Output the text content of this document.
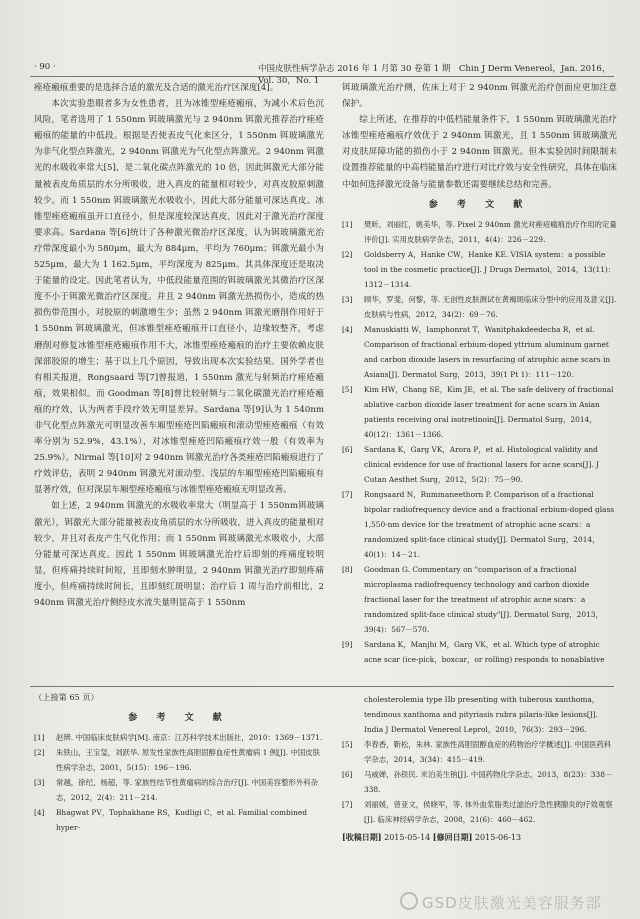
· 90 ·	中国皮肤性病学杂志 2016 年 1 月第 30 卷第 1 期　Chin J Derm Venereol，Jan. 2016，Vol. 30，No. 1

痤疮瘢痕重要的是选择合适的激光及合适的激光治疗区深度[4]。

本次实验患眼者多为女性患者，且为冰锥型痤疮瘢痕，为减小术后色沉风险，笔者选用了 1 550nm 铒玻璃激光与 2 940nm 铒激光推荐治疗痤疮瘢痕的能量的中低段。根据是否使表皮气化来区分，1 550nm 铒玻璃激光为非气化型点阵激光，2 940nm 铒激光为气化型点阵激光。2 940nm 铒激光的水吸收率常大[5]，是二氧化碳点阵激光的 10 倍，因此铒激光大部分能量被表皮角质层的水分所吸收，进入真皮的能量相对较少，对真皮胶原刺激较少。而 1 550nm 铒玻璃激光水吸收小，因此大部分能量可深达真皮。冰锥型痤疮瘢痕虽开口直径小，但是深度较深达真皮，因此对于激光治疗深度要求高。Sardana 等[6]统计了各种激光微治疗区深度，认为铒玻璃激光治疗带深度最小为 580μm，最大为 884μm，平均为 760μm；铒激光最小为 525μm，最大为 1 162.5μm，平均深度为 825μm。其具体深度还是取决于能量的设定。因此笔者认为，中低段能量范围的铒玻璃激光其微治疗区深度不小于铒激光微治疗区深度。并且 2 940nm 铒激光热损伤小，造成的热损伤带范围小，对胶原的刺激增生少；虽然 2 940nm 铒激光磨削作用好于 1 550nm 铒玻璃激光，但冰锥型痤疮瘢痕开口直径小，边缘较整齐，考虑磨削对修复冰锥型痤疮瘢痕作用不大，冰锥型痤疮瘢痕的治疗主要依赖皮肤深部胶原的增生；基于以上几个原因，导致出现本次实验结果。国外学者也有相关报道，Rongsaard 等[7]曾报道，1 550nm 激光与射频治疗痤疮瘢痕，效果相似。而 Goodman 等[8]曾比较射频与二氧化碳激光治疗痤疮瘢痕的疗效，认为两者手段疗效无明显差异。Sardana 等[9]认为 1 540nm 非气化型点阵激光可明显改善车厢型痤疮凹陷瘢痕和滚动型痤疮瘢痕（有效率分别为 52.9%，43.1%），对冰锥型痤疮凹陷瘢痕疗效一般（有效率为 25.9%）。Nirmal 等[10]对 2 940nm 铒激光治疗各类痤疮凹陷瘢痕进行了疗效评估，表明 2 940nm 铒激光对滚动型、浅层的车厢型痤疮凹陷瘢痕有显著疗效，但对深层车厢型痤疮瘢痕与冰锥型痤疮瘢痕无明显改善。

如上述，2 940nm 铒激光的水吸收率常大（明显高于 1 550nm铒玻璃激光），铒激光大部分能量被表皮角质层的水分所吸收，进入真皮的能量相对较少，并且对表皮产生气化作用；而 1 550nm 铒玻璃激光水吸收小，大部分能量可深达真皮。因此 1 550nm 铒玻璃激光治疗后即刻的疼痛度较明显，但疼痛持续时间短，且即刻水肿明显，2 940nm 铒激光治疗即刻疼痛度小，但疼痛持续时间长，且即刻红斑明显；治疗后 1 周与治疗前相比，2 940nm 铒激光治疗侧经皮水流失量明显高于 1 550nm

铒玻璃激光治疗侧，佐床上对于 2 940nm 铒激光治疗创面应更加注意保护。

综上所述，在推荐的中低档能量条件下，1 550nm 铒玻璃激光治疗冰锥型痤疮瘢痕疗效优于 2 940nm 铒激光，且 1 550nm 铒玻璃激光对皮肤屏障功能的损伤小于 2 940nm 铒激光。但本实验因时间限制未设置推荐能量的中高档能量治疗进行对比疗效与安全性研究，具体在临床中如何选择激光设备与能量参数还需要继续总结和完善。

参 考 文 献
[1]	樊昕，刘丽红，姚美华，等. Pixel 2 940nm 激光对痤疮瘢痕治疗作用的定量评价[J]. 实用皮肤病学杂志，2011，4(4)：226－229.
[2]	Goldsberry A，Hanke CW，Hanke KE. VISIA system：a possible tool in the cosmetic practice[J]. J Drugs Dermatol，2014，13(11)：1312－1314.
[3]	顾华，罗斐，何黎，等. 无创性皮肤测试在黄褐斑临床分型中的应用及意义[J]. 皮肤病与性病，2012，34(2)：69－76.
[4]	Manuskiatti W，Iamphonrat T，Wanitphakdeedecha R，et al. Comparison of fractional erbium-doped yttrium aluminum garnet and carbon dioxide lasers in resurfacing of atrophic acne scars in Asians[J]. Dermatol Surg，2013，39(1 Pt 1)：111－120.
[5]	Kim HW，Chang SE，Kim JE，et al. The safe delivery of fractional ablative carbon dioxide laser treatment for acne scars in Asian patients receiving oral isotretinoin[J]. Dermatol Surg，2014，40(12)：1361－1366.
[6]	Sardana K，Garg VK，Arora P，et al. Histological validity and clinical evidence for use of fractional lasers for acne scars[J]. J Cutan Aesthet Surg，2012，5(2)：75－90.
[7]	Rongsaard N，Rummaneethorn P. Comparison of a fractional bipolar radiofrequency device and a fractional erbium-doped glass 1,550-nm device for the treatment of atrophic acne scars：a randomized split-face clinical study[J]. Dermatol Surg，2014，40(1)：14－21.
[8]	Goodman G. Commentary on "comparison of a fractional microplasma radiofrequency technology and carbon dioxide fractional laser for the treatment of atrophic acne scars：a randomized split-face clinical study"[J]. Dermatol Surg，2013，39(4)：567－570.
[9]	Sardana K，Manjhi M，Garg VK，et al. Which type of atrophic acne scar (ice-pick，boxcar，or rolling) responds to nonablative
（上接第 65 页）
参 考 文 献
[1]	赵辨. 中国临床皮肤病学[M]. 南京：江苏科学技术出版社，2010：1369－1371.
[2]	朱铁山，王宝玺，刘跃华. 原发性家族性高胆固醇血症性黄瘤病 1 例[J]. 中国皮肤性病学杂志，2001，5(15)：196－196.
[3]	常越，徐纪，杨超，等. 家族性结节性黄瘤病的综合治疗[J]. 中国美容整形外科杂志，2012，2(4)：211－214.
[4]	Bhagwat PV，Tophakhane RS，Kudligi C，et al. Familial combined hyper-
cholesterolemia type IIb presenting with tuberous xanthoma，tendinous xanthoma and pityriasis rubra pilaris-like lesions[J]. India J Dermatol Venereol Leprol，2010，76(3)：293－296.
[5]	李春香，靳松，朱林. 家族性高胆固醇血症的药物治疗学概述[J]. 中国医药科学杂志，2014，3(34)：415－419.
[6]	马威婵，孙铁民. 米泊美生钠[J]. 中国药物化学杂志，2013，8(23)：338－338.
[7]	刘丽媛，曾亚文，侯晓军，等. 体外血浆脂类过滤治疗急性胰腺炎的疗效观察[J]. 临床神经病学杂志，2008，21(6)：460－462.
[收稿日期] 2015-05-14 [修回日期] 2015-06-13
GSD皮肤激光美容服务部
